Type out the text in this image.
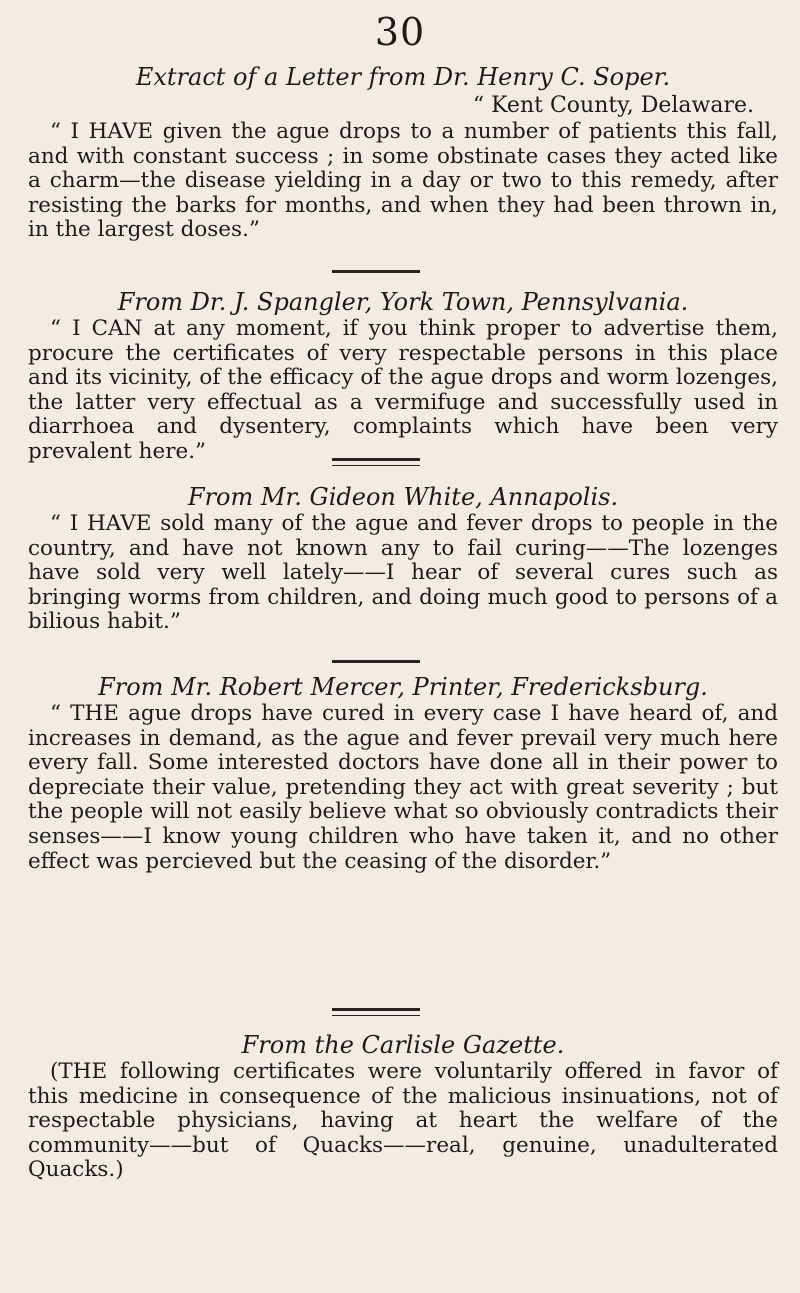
30
Extract of a Letter from Dr. Henry C. Soper.
“ Kent County, Delaware.

“ I HAVE given the ague drops to a number of patients this fall, and with constant success ; in some obstinate cases they acted like a charm—the disease yielding in a day or two to this remedy, after resisting the barks for months, and when they had been thrown in, in the largest doses.”

From Dr. J. Spangler, York Town, Pennsylvania.

“ I CAN at any moment, if you think proper to advertise them, procure the certificates of very respectable persons in this place and its vicinity, of the efficacy of the ague drops and worm lozenges, the latter very effectual as a vermifuge and successfully used in diarrhoea and dysentery, complaints which have been very prevalent here.”

From Mr. Gideon White, Annapolis.

“ I HAVE sold many of the ague and fever drops to people in the country, and have not known any to fail curing——The lozenges have sold very well lately——I hear of several cures such as bringing worms from children, and doing much good to persons of a bilious habit.”

From Mr. Robert Mercer, Printer, Fredericksburg.

“ THE ague drops have cured in every case I have heard of, and increases in demand, as the ague and fever prevail very much here every fall. Some interested doctors have done all in their power to depreciate their value, pretending they act with great severity ; but the people will not easily believe what so obviously contradicts their senses——I know young children who have taken it, and no other effect was percieved but the ceasing of the disorder.”

From the Carlisle Gazette.

(THE following certificates were voluntarily offered in favor of this medicine in consequence of the malicious insinuations, not of respectable physicians, having at heart the welfare of the community——but of Quacks——real, genuine, unadulterated Quacks.)
